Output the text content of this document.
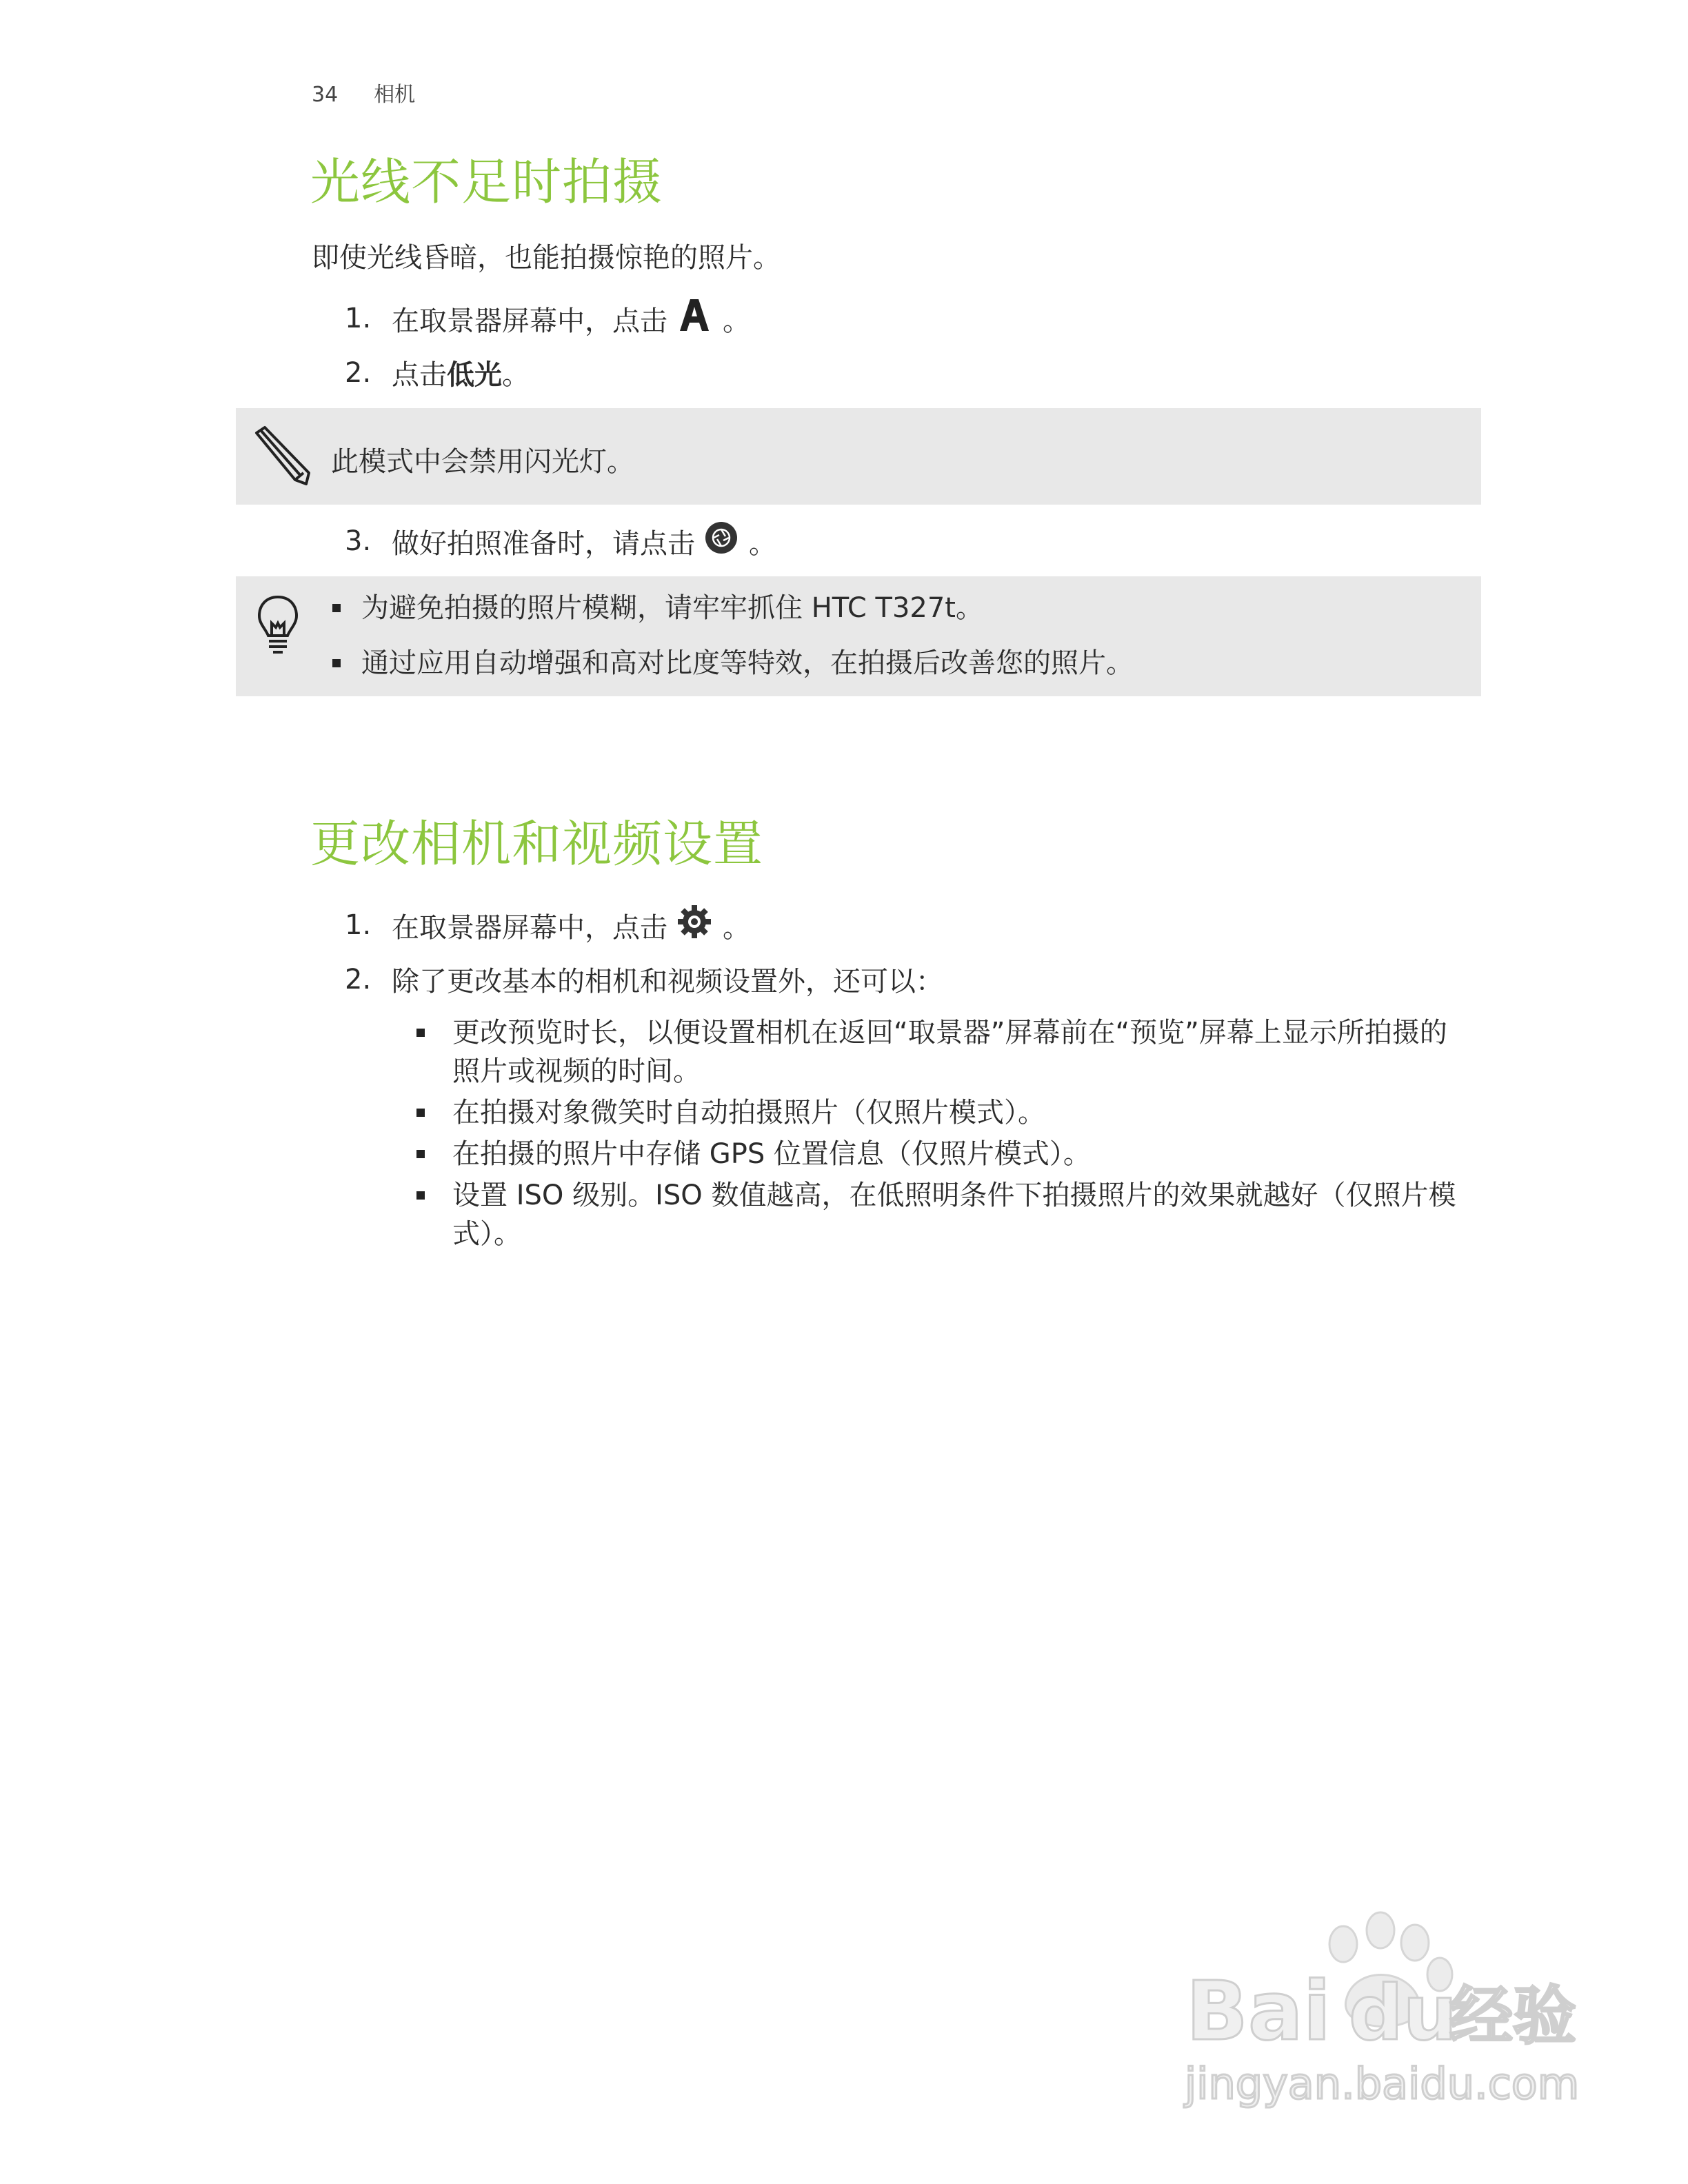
34 相机
光线不足时拍摄
即使光线昏暗，也能拍摄惊艳的照片。
1. 在取景器屏幕中，点击 。
2. 点击 低光 。
此模式中会禁用闪光灯。
3. 做好拍照准备时，请点击 。
为避免拍摄的照片模糊，请牢牢抓住 HTC T327t。
通过应用自动增强和高对比度等特效，在拍摄后改善您的照片。
更改相机和视频设置
1. 在取景器屏幕中，点击 。
2. 除了更改基本的相机和视频设置外，还可以：
更改预览时长，以便设置相机在返回“取景器”屏幕前在“预览”屏幕上显示所拍摄的照片或视频的时间。
在拍摄对象微笑时自动拍摄照片（仅照片模式）。
在拍摄的照片中存储 GPS 位置信息（仅照片模式）。
设置 ISO 级别。ISO 数值越高，在低照明条件下拍摄照片的效果就越好（仅照片模式）。
Bai du
经验
jingyan.baidu.com
